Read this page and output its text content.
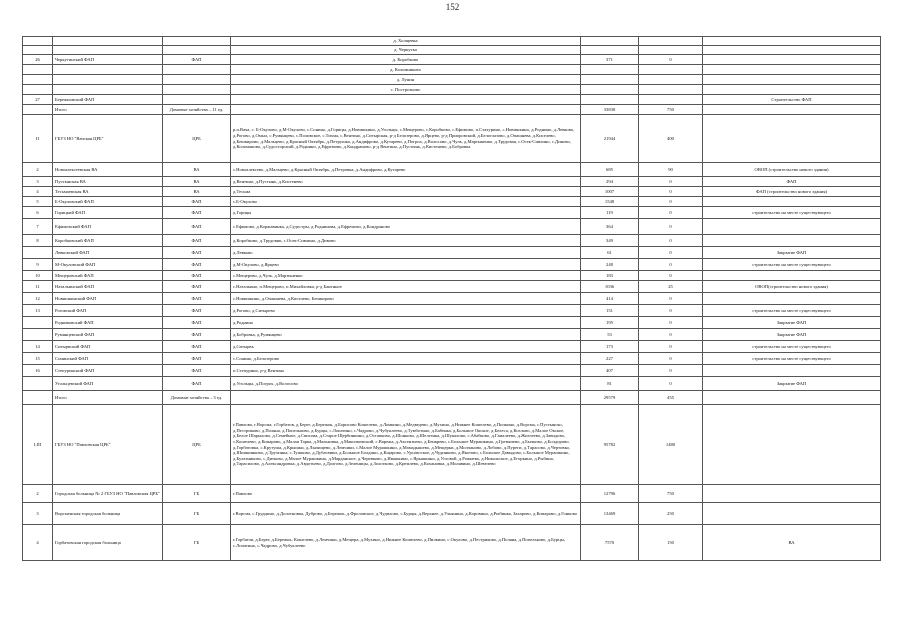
152
			д. Холщевка			
			д. Черкутка			
26	Черкутинский ФАП	ФАП	д. Коробково	371	0	
			д. Коломниково			
			д. Лунин			
			с. Построзново			
27	Бережновский ФАП					Строительство ФАП
	Итого	Домовые хозяйства – 11 ед.		33838	750	
II	ГБУЗ НО "Вачская ЦРБ"	ЦРБ	р.п.Вача, с. Б-Окуловo, д.М-Окулово, с.Сонино, д.Горицы, д.Новишкино, д.Угольцы, с.Мещерово, с.Коробково, с.Ефимово, п.Стахурино, с.Новишкино, д.Роднино, д.Левково, д.Рогово, д.Омыл, с.Румянцево, с.Поливское, с.Тихма, с.Вентино, д.Ситырская, р-д Белозерово, д.Ярцево, р-д Приоровский, д.Белоглазово, д.Опашнева, д.Киселево, д.Бешкирово, д.Мальцево, д.Красный Октябрь, д.Петрушка, д.Андифрово, д.Кутарево, д.Погрох, д.Волосово, д.Чуль, д.Мартыненко, д.Трудовая, с.Осек-Сивлино, с.Диново, д.Коломаново, д.Судосторский, д.Роднино, д.Ефремово, д.Кондраново, р-д Вентино, д.Пустынь, д.Кистенево, д.Бобровка	21944	400	
2	Новоалексеевская ВА	ВА	с.Новоалексево, д.Мальцево, д.Красный Октябрь, д.Петровка, д.Андифрово, д.Кутарево	685	90	ОВОП (строительство нового здания)
3	Пустынская ВА	ВА	д.Вентино, д.Пустынь, д.Кистенево	294	0	ФАП
4	Тесьмаевская ВА	ВА	д.Тесьма	1007	0	ФАП (строительство нового здания)
5	Б-Окуловский ФАП	ФАП	с.Б-Окулово	1548	0	
6	Горицкий ФАП	ФАП	д.Горицы	119	0	строительство на месте существующего
7	Ефимовский ФАП	ФАП	с.Ефимово, д.Коржавинка, д.Судостры, д.Роднинова, д.Ефремово, д.Кондраново	364	0	
8	Коробковский ФАП	ФАП	д.Коробково, д.Трудовик, с.Осек-Сивлино, д.Дивово	349	0	
	Левковский ФАП	ФАП	д.Левково	61	0	Закрытие ФАП
9	М-Окуловский ФАП	ФАП	д.М-Окулово, д.Ярцево	248	0	строительство на месте существующего
10	Мещеровский ФАП	ФАП	с.Мещерово, д.Чуль, д.Мартыненко	183	0	
11	Натальинский ФАП	ФАП	с.Натальино, п.Мещерово, п.Михайловка, р-д Бантнное	1036	25	ОВОП(строительство нового здания)
12	Новишкинский ФАП	ФАП	с.Новишкино, д.Опашнева, д.Киселево, Бешкирово	414	0	
13	Роговский ФАП	ФАП	д.Рогово, д.Ситырево	151	0	строительство на месте существующего
	Родниковский ФАП	ФАП	д.Роднино	195	0	Закрытие ФАП
	Румянцевский ФАП	ФАП	д.Бобровка, д.Румянцево	53	0	Закрытие ФАП
14	Ситырвский ФАП	ФАП	д.Ситырвь	173	0	строительство на месте существующего
15	Сонинский ФАП	ФАП	с.Сонино, д.Белозерово	227	0	строительство на месте существующего
16	Степуринский ФАП	ФАП	п.Степурино, р-д Вентино	407	0	
	Угольцевский ФАП	ФАП	д.Угольцы, д.Погрох, д.Волосово	81	0	Закрытие ФАП
	Итого	Домовые хозяйства – 3 ед.		29579	455	
I,III	ГБУЗ НО "Павловская ЦРБ"	ЦРБ	г.Павлово, г.Ворсма, г.Горбатов, д.Берег, д.Бережок, д.Борисово Кошелево, д.Ломкино, д.Медведево, д.Мухино, д.Нижнее Кошелево, д.Пилкино, д.Ворсма, с.Пустынско, д.Пестриково, д.Поляна, д.Попельково, д.Бурцы, с.Лопатино, с.Чадрово, д.Чубуклеево, д.Тумботино, д.Бабенка, д.Большое Окское, д.Белеса, д.Козлово, д.Малое Окское, д.Белое Шарылово, д.Семейное, д.Свисова, д.Старое Щербинкино, д.Остапково, д.Шонково, д.Шелгенка, д.Шукалово, с.Абабково, д.Гамалеево, д.Жиглеево, д.Завидово, с.Кошелево, д.Комарово, д.Малая Тарка, д.Мальковка, д.Максимовский, с.Варежа, д.Аксентьево, д.Бенкрево, с.Большое Мурашкино, д.Гремячево, д.Бычково, д.Болдорово, д.Горбатовка, с.Крутуша, д.Крышки, д.Лыпищево, д.Лемчики, с.Малое Мурашкино, д.Мамадышево, д.Мещерки, д.Молчаново, д.Лобово, д.Пуреги, д.Тарасово, д.Чертовко, д.Шишкинково, д.Трухинка, с.Тушково, д.Дубасвики, д.Большое Болдино, д.Кщарово, с.Урсовоское, д.Чудинково, д.Якотово, с.Большое Давыдово, с.Большое Мурашкино, д.Булатниково, с.Дитково, д.Малое Мурашкино, д.Марданское, д.Черевково, д.Ивашкино, с.Ярышкино, д.Угловой, д.Рожнево, д.Никольское, д.Егоркино, д.Рыбино, д.Тарасилово, д.Александровка, д.Авдотьево, д.Долгово, д.Зеленицы, д.Золотково, д.Кремлево, д.Кохановка, д.Молявино, д.Шевелево	95782	1480	
2	Городская больница № 2 ГБУЗ НО "Павловская ЦРБ"	ГБ	г.Павлово	12796	750	
3	Ворсменская городская больница	ГБ	г.Ворсма, с.Грудцино, д.Долотновка, Дуброво, д.Бережок, д.Фроловское, д.Чудилово, с.Бурцы, д.Верхнее, д.Ульянино, д.Коровино, д.Рыбинка, Захарово, д.Комарово, д.Гонково	13469	250	
4	Горбатовская городская больница	ГБ	г.Горбатов, д.Берег, д.Бережок, Кошелево, д.Лемчики, д.Мещера, д.Мухино, д.Нижнее Кошелево, д.Пилкино, с.Окулово, д.Пестриково, д.Поляна, д.Попельково, д.Бурцы, с.Лопатино, с.Чадрово, д.Чубуклеево	7570	150	ВА
